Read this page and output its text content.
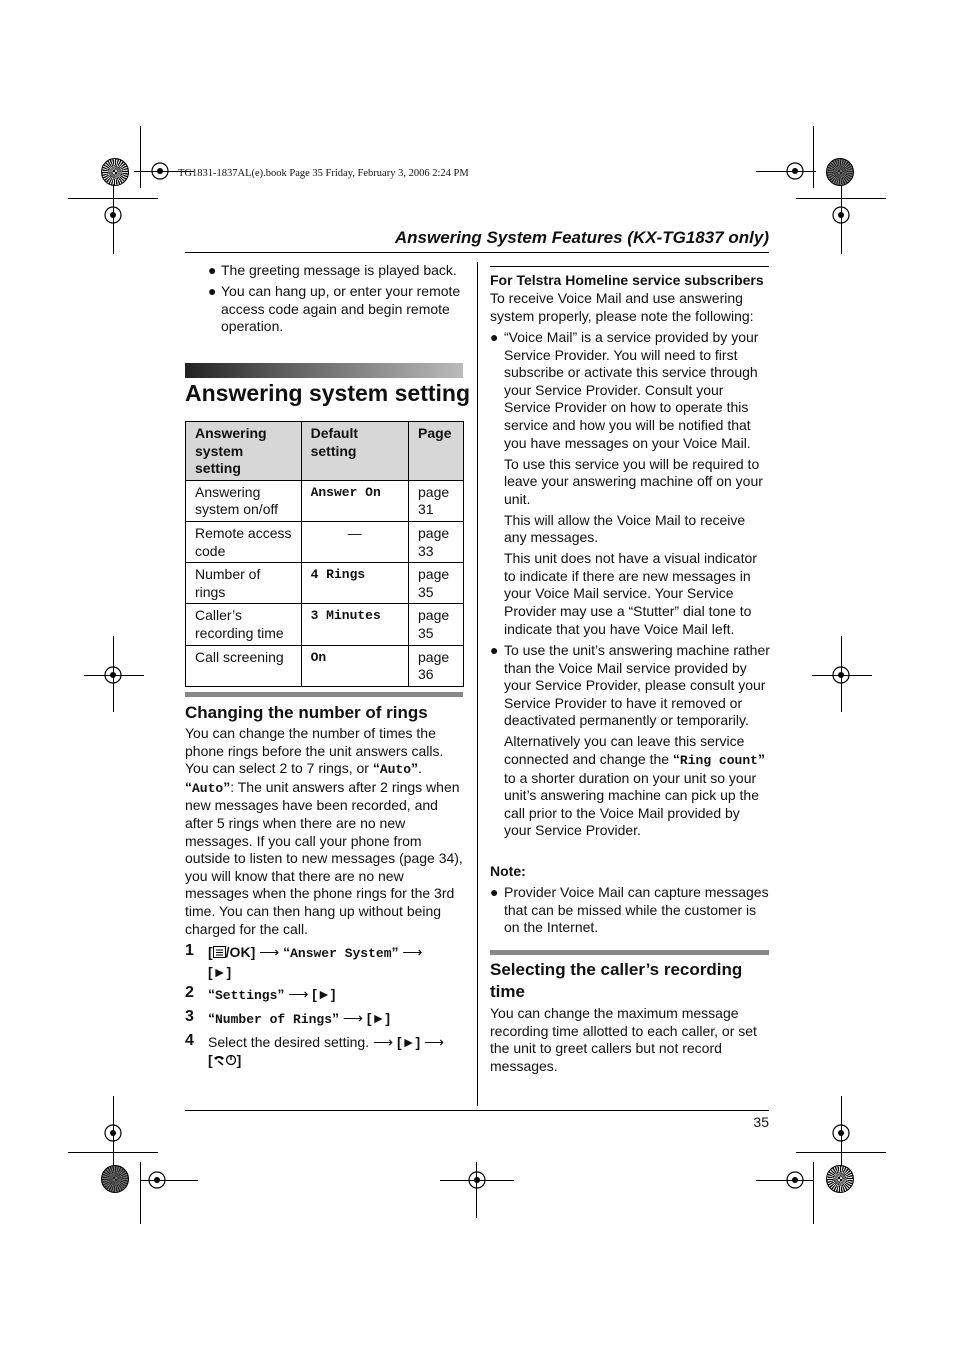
TG1831-1837AL(e).book Page 35 Friday, February 3, 2006 2:24 PM
Answering System Features (KX-TG1837 only)
● The greeting message is played back.
● You can hang up, or enter your remote access code again and begin remote operation.
Answering system setting
Answering system setting	Default setting	Page
Answering system on/off	Answer On	page 31
Remote access code	—	page 33
Number of rings	4 Rings	page 35
Caller’s recording time	3 Minutes	page 35
Call screening	On	page 36
Changing the number of rings
You can change the number of times the phone rings before the unit answers calls. You can select 2 to 7 rings, or “Auto”.
“Auto”: The unit answers after 2 rings when new messages have been recorded, and after 5 rings when there are no new messages. If you call your phone from outside to listen to new messages (page 34), you will know that there are no new messages when the phone rings for the 3rd time. You can then hang up without being charged for the call.
1 [ /OK] ⟶ “Answer System” ⟶
[►]
2 “Settings” ⟶ [►]
3 “Number of Rings” ⟶ [►]
4 Select the desired setting. ⟶ [►] ⟶
[ ]
For Telstra Homeline service subscribers
To receive Voice Mail and use answering system properly, please note the following:
● “Voice Mail” is a service provided by your Service Provider. You will need to first subscribe or activate this service through your Service Provider. Consult your Service Provider on how to operate this service and how you will be notified that you have messages on your Voice Mail.
To use this service you will be required to leave your answering machine off on your unit.
This will allow the Voice Mail to receive any messages.
This unit does not have a visual indicator to indicate if there are new messages in your Voice Mail service. Your Service Provider may use a “Stutter” dial tone to indicate that you have Voice Mail left.
● To use the unit’s answering machine rather than the Voice Mail service provided by your Service Provider, please consult your Service Provider to have it removed or deactivated permanently or temporarily.
Alternatively you can leave this service connected and change the “Ring count” to a shorter duration on your unit so your unit’s answering machine can pick up the call prior to the Voice Mail provided by your Service Provider.
Note:
● Provider Voice Mail can capture messages that can be missed while the customer is on the Internet.
Selecting the caller’s recording time
You can change the maximum message recording time allotted to each caller, or set the unit to greet callers but not record messages.
35
